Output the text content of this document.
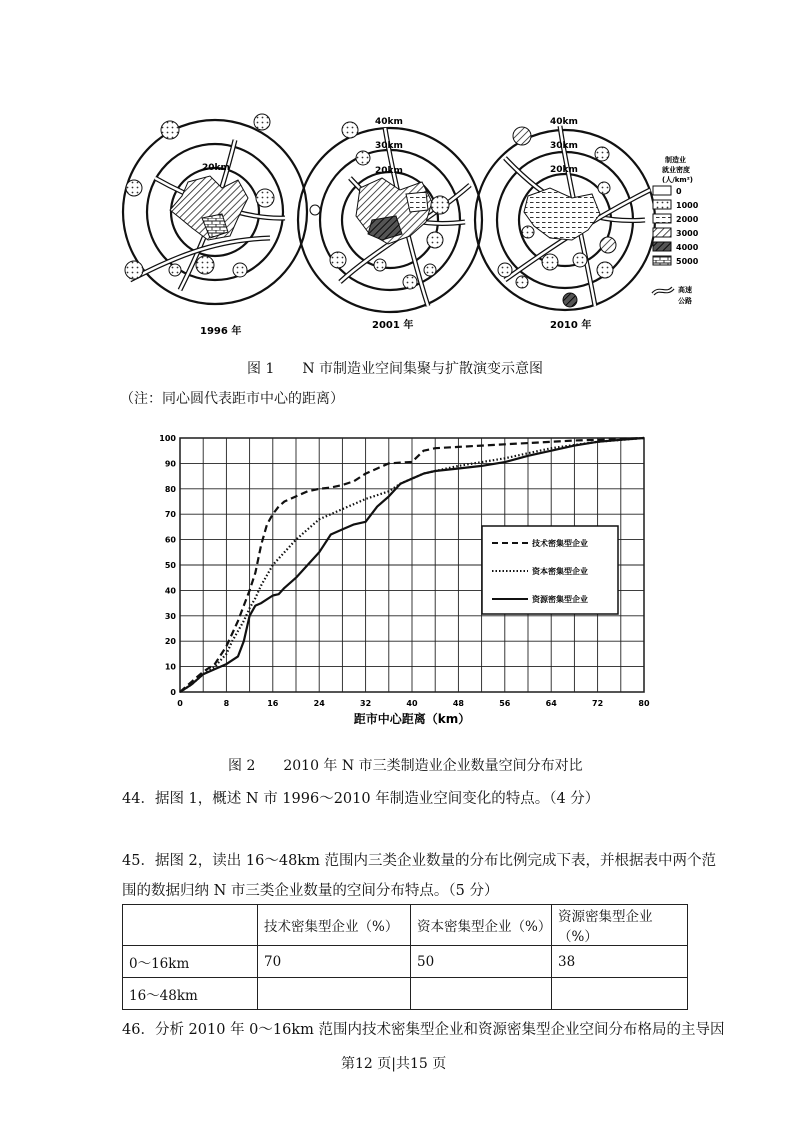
20km
1996 年
40km
30km
20km
2001 年
40km
30km
20km
2010 年
制造业
就业密度
(人/km²)
0
1000
2000
3000
4000
5000
高速
公路
图 1　　N 市制造业空间集聚与扩散演变示意图
（注：同心圆代表距市中心的距离）
0	8	16	24	32	40	48	56	64	72	80
0
10
20
30
40
50
60
70
80
90
100
距市中心距离（km）
技术密集型企业
资本密集型企业
资源密集型企业
图 2　　2010 年 N 市三类制造业企业数量空间分布对比
44．据图 1，概述 N 市 1996～2010 年制造业空间变化的特点。（4 分）
45．据图 2，读出 16～48km 范围内三类企业数量的分布比例完成下表，并根据表中两个范
围的数据归纳 N 市三类企业数量的空间分布特点。（5 分）
	技术密集型企业（%）	资本密集型企业（%）	资源密集型企业（%）
0～16km	70	50	38
16～48km			
46．分析 2010 年 0～16km 范围内技术密集型企业和资源密集型企业空间分布格局的主导因
第12 页|共15 页
